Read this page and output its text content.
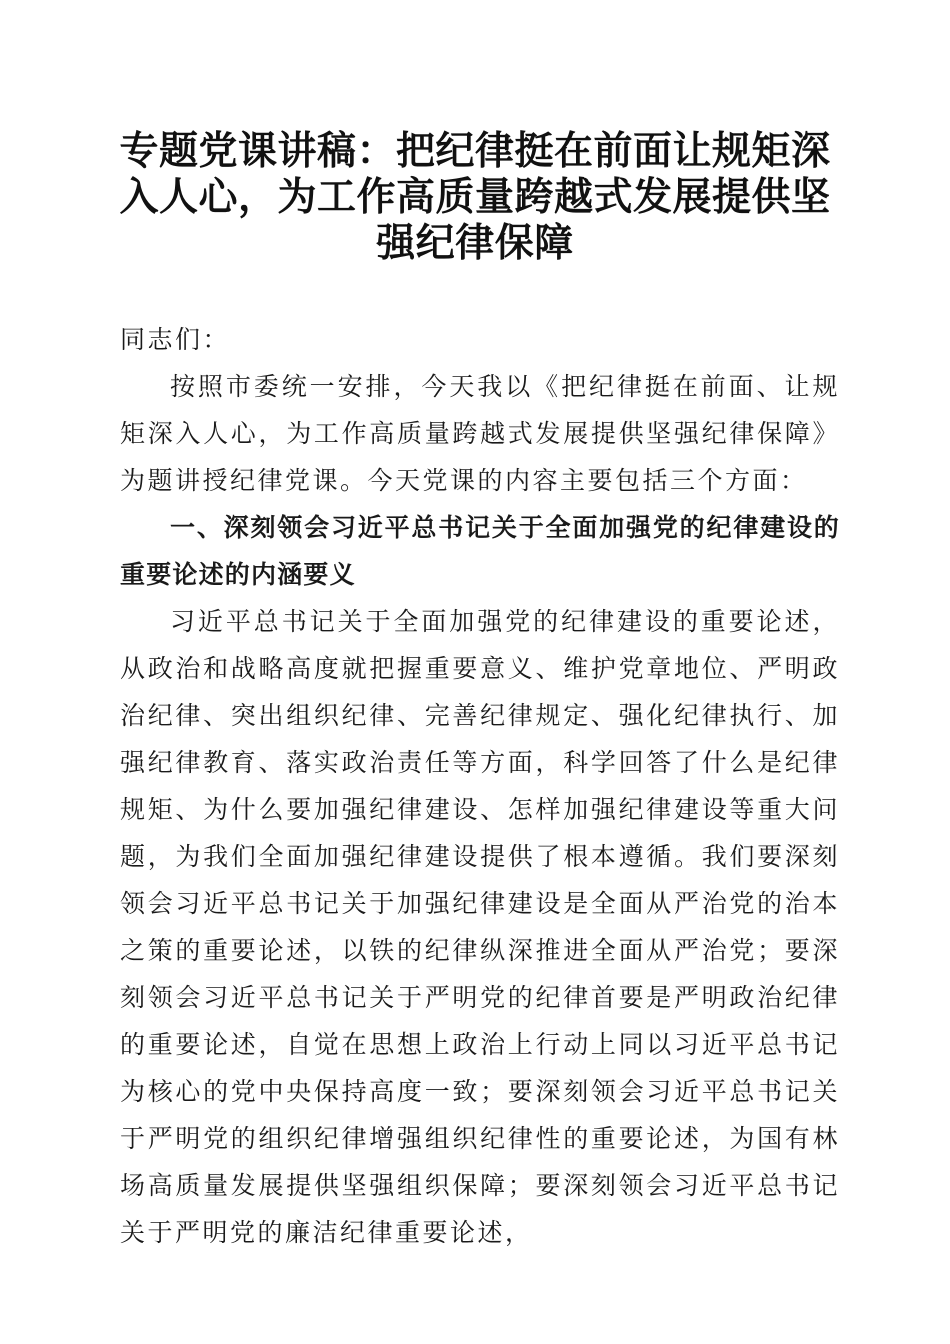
专题党课讲稿：把纪律挺在前面让规矩深入人心，为工作高质量跨越式发展提供坚强纪律保障

同志们：

按照市委统一安排，今天我以《把纪律挺在前面、让规矩深入人心，为工作高质量跨越式发展提供坚强纪律保障》为题讲授纪律党课。今天党课的内容主要包括三个方面：

一、深刻领会习近平总书记关于全面加强党的纪律建设的重要论述的内涵要义

习近平总书记关于全面加强党的纪律建设的重要论述，从政治和战略高度就把握重要意义、维护党章地位、严明政治纪律、突出组织纪律、完善纪律规定、强化纪律执行、加强纪律教育、落实政治责任等方面，科学回答了什么是纪律规矩、为什么要加强纪律建设、怎样加强纪律建设等重大问题，为我们全面加强纪律建设提供了根本遵循。我们要深刻领会习近平总书记关于加强纪律建设是全面从严治党的治本之策的重要论述，以铁的纪律纵深推进全面从严治党；要深刻领会习近平总书记关于严明党的纪律首要是严明政治纪律的重要论述，自觉在思想上政治上行动上同以习近平总书记为核心的党中央保持高度一致；要深刻领会习近平总书记关于严明党的组织纪律增强组织纪律性的重要论述，为国有林场高质量发展提供坚强组织保障；要深刻领会习近平总书记关于严明党的廉洁纪律重要论述，
